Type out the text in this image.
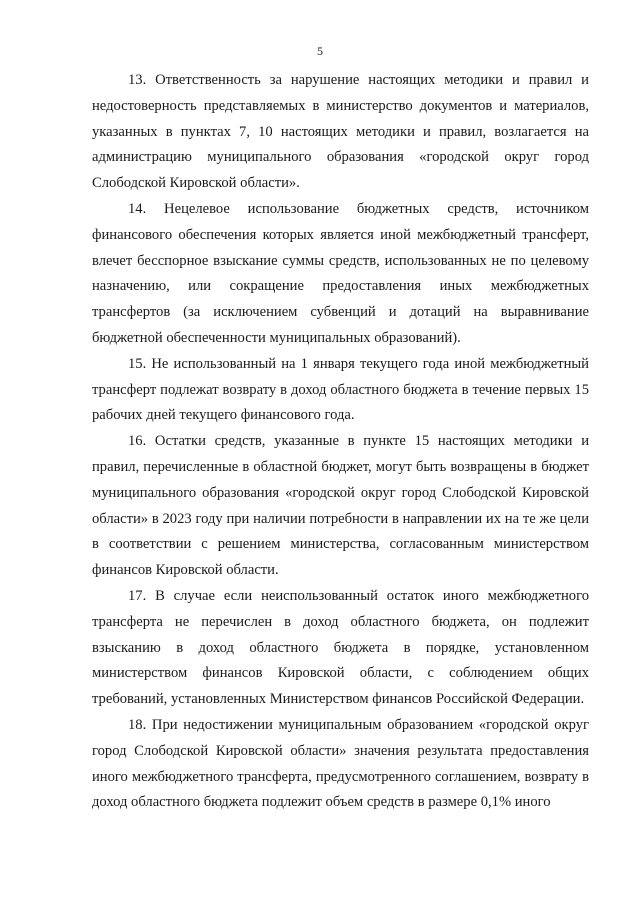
5

13. Ответственность за нарушение настоящих методики и правил и недостоверность представляемых в министерство документов и материалов, указанных в пунктах 7, 10 настоящих методики и правил, возлагается на администрацию муниципального образования «городской округ город Слободской Кировской области».

14. Нецелевое использование бюджетных средств, источником финансового обеспечения которых является иной межбюджетный трансферт, влечет бесспорное взыскание суммы средств, использованных не по целевому назначению, или сокращение предоставления иных межбюджетных трансфертов (за исключением субвенций и дотаций на выравнивание бюджетной обеспеченности муниципальных образований).

15. Не использованный на 1 января текущего года иной межбюджетный трансферт подлежат возврату в доход областного бюджета в течение первых 15 рабочих дней текущего финансового года.

16. Остатки средств, указанные в пункте 15 настоящих методики и правил, перечисленные в областной бюджет, могут быть возвращены в бюджет муниципального образования «городской округ город Слободской Кировской области» в 2023 году при наличии потребности в направлении их на те же цели в соответствии с решением министерства, согласованным министерством финансов Кировской области.

17. В случае если неиспользованный остаток иного межбюджетного трансферта не перечислен в доход областного бюджета, он подлежит взысканию в доход областного бюджета в порядке, установленном министерством финансов Кировской области, с соблюдением общих требований, установленных Министерством финансов Российской Федерации.

18. При недостижении муниципальным образованием «городской округ город Слободской Кировской области» значения результата предоставления иного межбюджетного трансферта, предусмотренного соглашением, возврату в доход областного бюджета подлежит объем средств в размере 0,1% иного
